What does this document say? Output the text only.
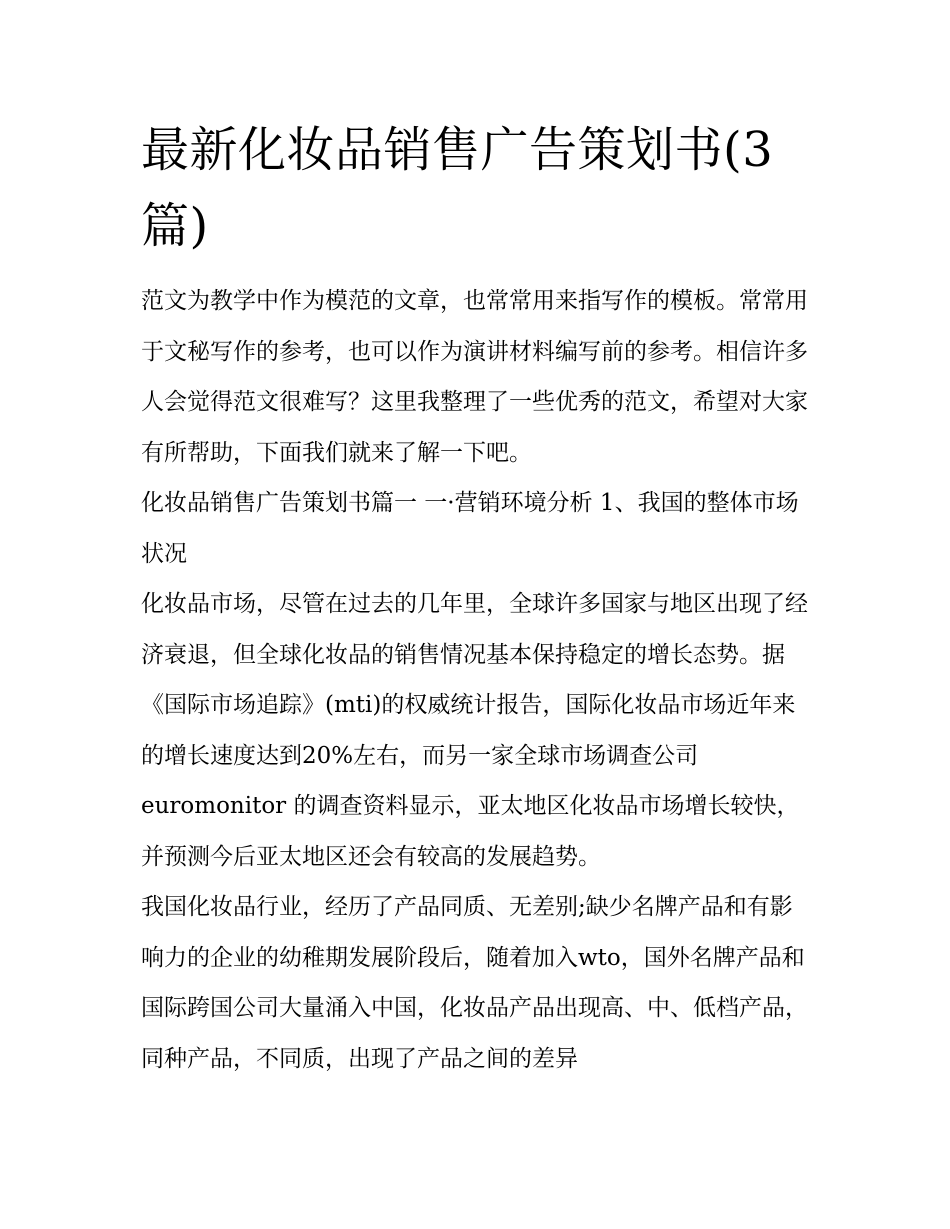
最新化妆品销售广告策划书(3篇)

范文为教学中作为模范的文章，也常常用来指写作的模板。常常用于文秘写作的参考，也可以作为演讲材料编写前的参考。相信许多人会觉得范文很难写？这里我整理了一些优秀的范文，希望对大家有所帮助，下面我们就来了解一下吧。

化妆品销售广告策划书篇一 一·营销环境分析 1、我国的整体市场状况

化妆品市场，尽管在过去的几年里，全球许多国家与地区出现了经济衰退，但全球化妆品的销售情况基本保持稳定的增长态势。据《国际市场追踪》(mti)的权威统计报告，国际化妆品市场近年来的增长速度达到20%左右，而另一家全球市场调查公司 euromonitor 的调查资料显示，亚太地区化妆品市场增长较快，并预测今后亚太地区还会有较高的发展趋势。

我国化妆品行业，经历了产品同质、无差别;缺少名牌产品和有影响力的企业的幼稚期发展阶段后，随着加入wto，国外名牌产品和国际跨国公司大量涌入中国，化妆品产品出现高、中、低档产品，同种产品，不同质，出现了产品之间的差异
